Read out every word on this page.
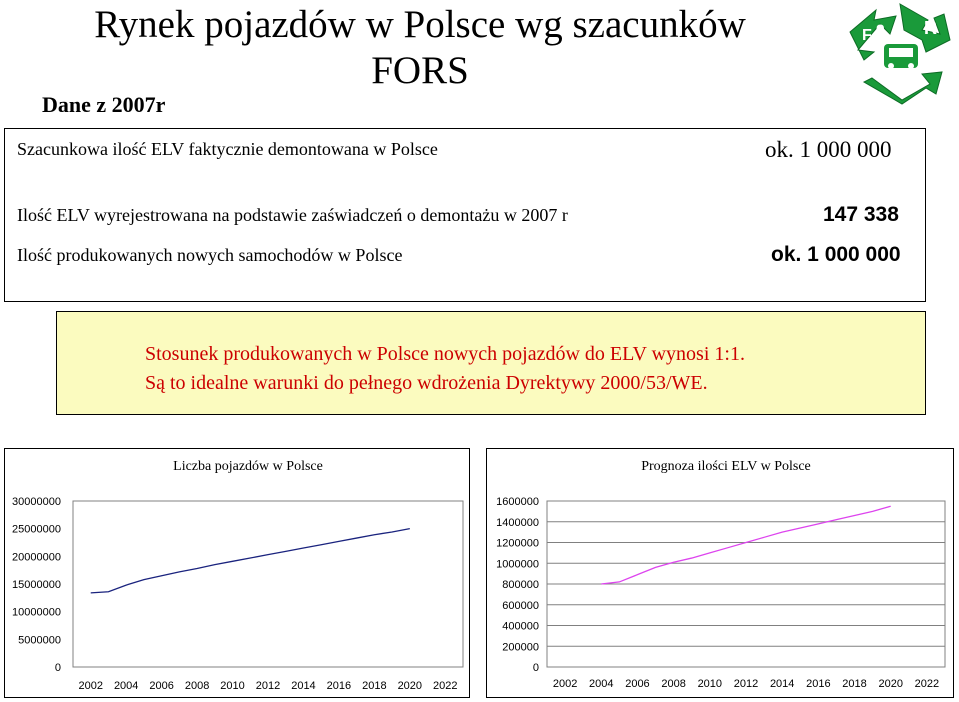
Rynek pojazdów w Polsce wg szacunków
FORS
Dane z 2007r
F o R
S
Szacunkowa ilość ELV faktycznie demontowana w Polsce	ok. 1 000 000
Ilość ELV wyrejestrowana na podstawie zaświadczeń o demontażu w 2007 r	147 338
Ilość produkowanych nowych samochodów w Polsce	ok. 1 000 000
Stosunek produkowanych w Polsce nowych pojazdów do ELV wynosi 1:1.
Są to idealne warunki do pełnego wdrożenia Dyrektywy 2000/53/WE.
Liczba pojazdów w Polsce
30000000
25000000
20000000
15000000
10000000
5000000
0
2002 2004 2006 2008 2010 2012 2014 2016 2018 2020 2022
Prognoza ilości ELV w Polsce
1600000
1400000
1200000
1000000
800000
600000
400000
200000
0
2002 2004 2006 2008 2010 2012 2014 2016 2018 2020 2022
